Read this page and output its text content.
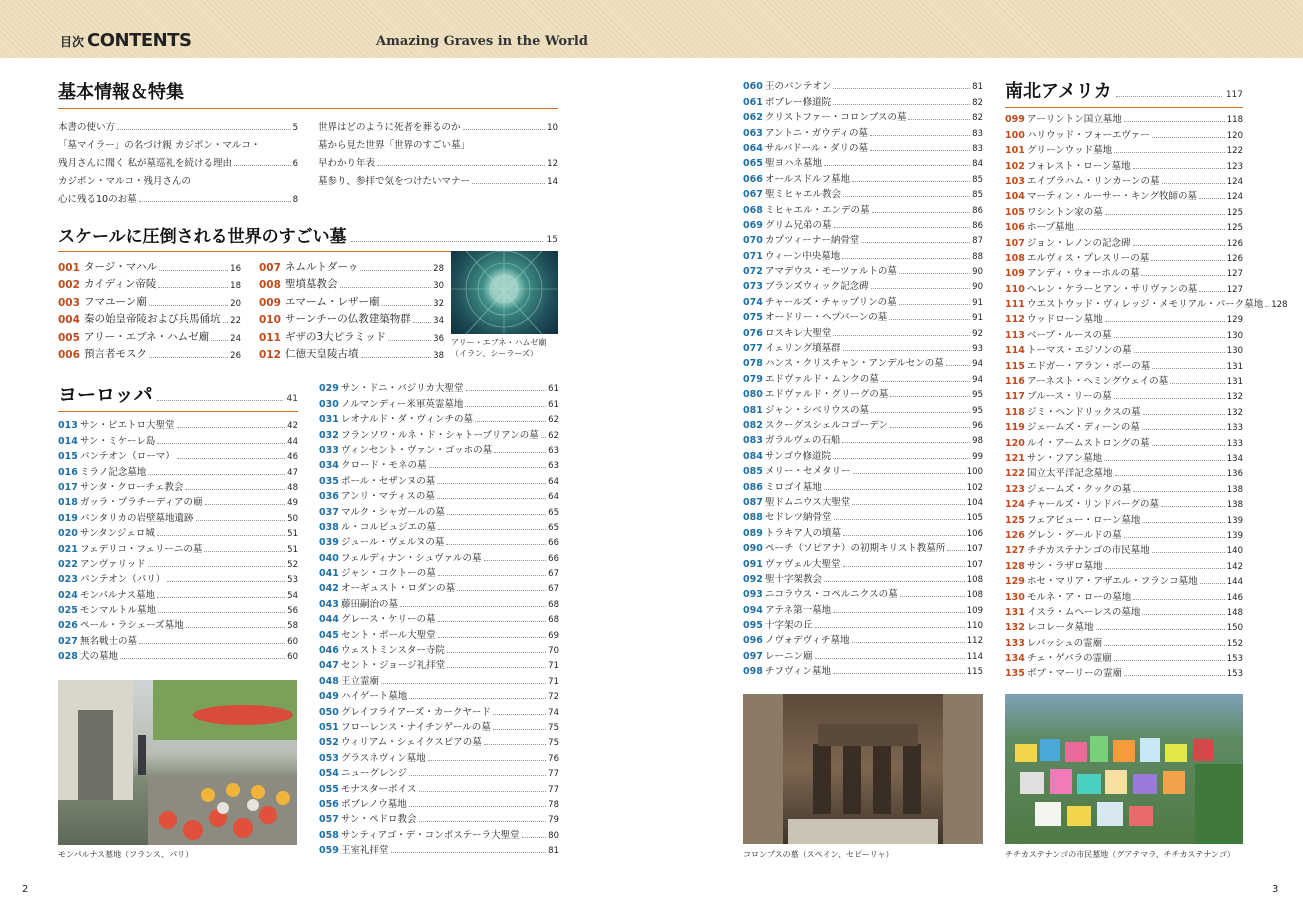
目次 CONTENTS	Amazing Graves in the World
基本情報＆特集
本書の使い方	5
「墓マイラー」の名づけ親 カジポン・マルコ・
残月さんに聞く 私が墓巡礼を続ける理由	6
カジポン・マルコ・残月さんの
心に残る10のお墓	8
世界はどのように死者を葬るのか	10
墓から見た世界「世界のすごい墓」
早わかり年表	12
墓参り、参拝で気をつけたいマナー	14
スケールに圧倒される世界のすごい墓	15
001 タージ・マハル	16
002 カイディン帝陵	18
003 フマユーン廟	20
004 秦の始皇帝陵および兵馬俑坑 22
005 アリー・エブネ・ハムゼ廟 24
006 預言者モスク	26
007 ネムルトダーゥ	28
008 聖墳墓教会	30
009 エマーム・レザー廟	32
010 サーンチーの仏教建築物群	34
011 ギザの3大ピラミッド	36
012 仁徳天皇陵古墳	38
アリー・エブネ・ハムゼ廟
（イラン、シーラーズ）
ヨーロッパ	41
013 サン・ピエトロ大聖堂	42
014 サン・ミケーレ島	44
015 パンテオン（ローマ）	46
016 ミラノ記念墓地	47
017 サンタ・クローチェ教会	48
018 ガッラ・プラチーディアの廟	49
019 パンタリカの岩壁墓地遺跡	50
020 サンタンジェロ城	51
021 フェデリコ・フェリーニの墓	51
022 アンヴァリッド	52
023 パンテオン（パリ）	53
024 モンパルナス墓地	54
025 モンマルトル墓地	56
026 ペール・ラシェーズ墓地	58
027 無名戦士の墓	60
028 犬の墓地	60
029 サン・ドニ・バジリカ大聖堂	61
030 ノルマンディー米軍英霊墓地	61
031 レオナルド・ダ・ヴィンチの墓	62
032 フランソワ・ルネ・ド・シャトーブリアンの墓 62
033 ヴィンセント・ヴァン・ゴッホの墓	63
034 クロード・モネの墓	63
035 ポール・セザンヌの墓	64
036 アンリ・マティスの墓	64
037 マルク・シャガールの墓	65
038 ル・コルビュジエの墓	65
039 ジュール・ヴェルヌの墓	66
040 フェルディナン・シュヴァルの墓	66
041 ジャン・コクトーの墓	67
042 オーギュスト・ロダンの墓	67
043 藤田嗣治の墓	68
044 グレース・ケリーの墓	68
045 セント・ポール大聖堂	69
046 ウェストミンスター寺院	70
047 セント・ジョージ礼拝堂	71
048 王立霊廟	71
049 ハイゲート墓地	72
050 グレイフライアーズ・カークヤード	74
051 フローレンス・ナイチンゲールの墓	75
052 ウィリアム・シェイクスピアの墓	75
053 グラスネヴィン墓地	76
054 ニューグレンジ	77
055 モナスターボイス	77
056 ポブレノウ墓地	78
057 サン・ペドロ教会	79
058 サンティアゴ・デ・コンポステーラ大聖堂	80
059 王室礼拝堂	81
060 王のパンテオン	81
061 ポブレー修道院	82
062 クリストファー・コロンブスの墓	82
063 アントニ・ガウディの墓	83
064 サルバドール・ダリの墓	83
065 聖ヨハネ墓地	84
066 オールスドルフ墓地	85
067 聖ミヒャエル教会	85
068 ミヒャエル・エンデの墓	86
069 グリム兄弟の墓	86
070 カプツィーナー納骨堂	87
071 ウィーン中央墓地	88
072 アマデウス・モーツァルトの墓	90
073 ブランズウィック記念碑	90
074 チャールズ・チャップリンの墓	91
075 オードリー・ヘプバーンの墓	91
076 ロスキレ大聖堂	92
077 イェリング墳墓群	93
078 ハンス・クリスチャン・アンデルセンの墓	94
079 エドヴァルド・ムンクの墓	94
080 エドヴァルド・グリーグの墓	95
081 ジャン・シベリウスの墓	95
082 スクーグスシェルコゴーデン	96
083 ガラルヴェの石船	98
084 サンゴウ修道院	99
085 メリー・セメタリー	100
086 ミロゴイ墓地	102
087 聖ドムニウス大聖堂	104
088 セドレツ納骨堂	105
089 トラキア人の墳墓	106
090 ペーチ（ソピアナ）の初期キリスト教墓所	107
091 ヴァヴェル大聖堂	107
092 聖十字架教会	108
093 ニコラウス・コペルニクスの墓	108
094 アテネ第一墓地	109
095 十字架の丘	110
096 ノヴォデヴィチ墓地	112
097 レーニン廟	114
098 チフヴィン墓地	115
モンパルナス墓地（フランス、パリ）	コロンブスの墓（スペイン、セビーリャ）
南北アメリカ	117
099 アーリントン国立墓地	118
100 ハリウッド・フォーエヴァー	120
101 グリーンウッド墓地	122
102 フォレスト・ローン墓地	123
103 エイブラハム・リンカーンの墓	124
104 マーティン・ルーサー・キング牧師の墓	124
105 ワシントン家の墓	125
106 ホープ墓地	125
107 ジョン・レノンの記念碑	126
108 エルヴィス・プレスリーの墓	126
109 アンディ・ウォーホルの墓	127
110 ヘレン・ケラーとアン・サリヴァンの墓	127
111 ウエストウッド・ヴィレッジ・メモリアル・パーク墓地 128
112 ウッドローン墓地	129
113 ベーブ・ルースの墓	130
114 トーマス・エジソンの墓	130
115 エドガー・アラン・ポーの墓	131
116 アーネスト・ヘミングウェイの墓	131
117 ブルース・リーの墓	132
118 ジミ・ヘンドリックスの墓	132
119 ジェームズ・ディーンの墓	133
120 ルイ・アームストロングの墓	133
121 サン・フアン墓地	134
122 国立太平洋記念墓地	136
123 ジェームズ・クックの墓	138
124 チャールズ・リンドバーグの墓	138
125 フェアビュー・ローン墓地	139
126 グレン・グールドの墓	139
127 チチカステナンゴの市民墓地	140
128 サン・ラザロ墓地	142
129 ホセ・マリア・アザエル・フランコ墓地	144
130 モルネ・ア・ローの墓地	146
131 イスラ・ムヘーレスの墓地	148
132 レコレータ墓地	150
133 レバッシュの霊廟	152
134 チェ・ゲバラの霊廟	153
135 ボブ・マーリーの霊廟	153
チチカステナンゴの市民墓地（グアテマラ、チチカステナンゴ）
2	3
